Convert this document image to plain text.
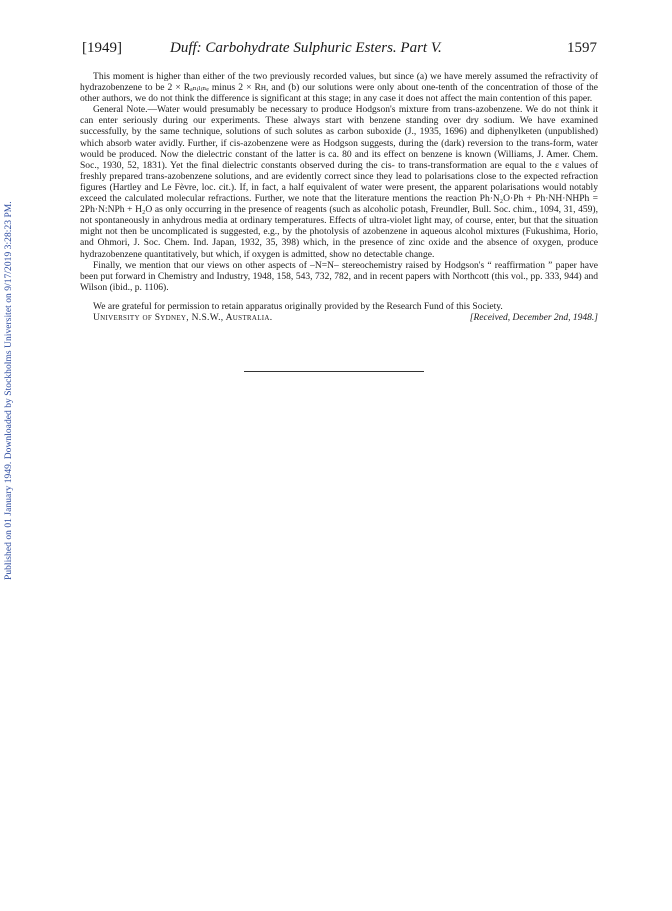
Published on 01 January 1949. Downloaded by Stockholms Universitet on 9/17/2019 3:28:23 PM.
[1949]	Duff: Carbohydrate Sulphuric Esters. Part V.	1597

This moment is higher than either of the two previously recorded values, but since (a) we have merely assumed the refractivity of hydrazobenzene to be 2 × Rₐₙᵢₗᵢₙₑ minus 2 × Rʜ, and (b) our solutions were only about one-tenth of the concentration of those of the other authors, we do not think the difference is significant at this stage; in any case it does not affect the main contention of this paper.

General Note.—Water would presumably be necessary to produce Hodgson's mixture from trans-azobenzene. We do not think it can enter seriously during our experiments. These always start with benzene standing over dry sodium. We have examined successfully, by the same technique, solutions of such solutes as carbon suboxide (J., 1935, 1696) and diphenylketen (unpublished) which absorb water avidly. Further, if cis-azobenzene were as Hodgson suggests, during the (dark) reversion to the trans-form, water would be produced. Now the dielectric constant of the latter is ca. 80 and its effect on benzene is known (Williams, J. Amer. Chem. Soc., 1930, 52, 1831). Yet the final dielectric constants observed during the cis- to trans-transformation are equal to the ε values of freshly prepared trans-azobenzene solutions, and are evidently correct since they lead to polarisations close to the expected refraction figures (Hartley and Le Fèvre, loc. cit.). If, in fact, a half equivalent of water were present, the apparent polarisations would notably exceed the calculated molecular refractions. Further, we note that the literature mentions the reaction Ph·N₂O·Ph + Ph·NH·NHPh = 2Ph·N:NPh + H₂O as only occurring in the presence of reagents (such as alcoholic potash, Freundler, Bull. Soc. chim., 1094, 31, 459), not spontaneously in anhydrous media at ordinary temperatures. Effects of ultra-violet light may, of course, enter, but that the situation might not then be uncomplicated is suggested, e.g., by the photolysis of azobenzene in aqueous alcohol mixtures (Fukushima, Horio, and Ohmori, J. Soc. Chem. Ind. Japan, 1932, 35, 398) which, in the presence of zinc oxide and the absence of oxygen, produce hydrazobenzene quantitatively, but which, if oxygen is admitted, show no detectable change.

Finally, we mention that our views on other aspects of –N=N– stereochemistry raised by Hodgson's “ reaffirmation ” paper have been put forward in Chemistry and Industry, 1948, 158, 543, 732, 782, and in recent papers with Northcott (this vol., pp. 333, 944) and Wilson (ibid., p. 1106).

We are grateful for permission to retain apparatus originally provided by the Research Fund of this Society.

University of Sydney, N.S.W., Australia.	[Received, December 2nd, 1948.]
